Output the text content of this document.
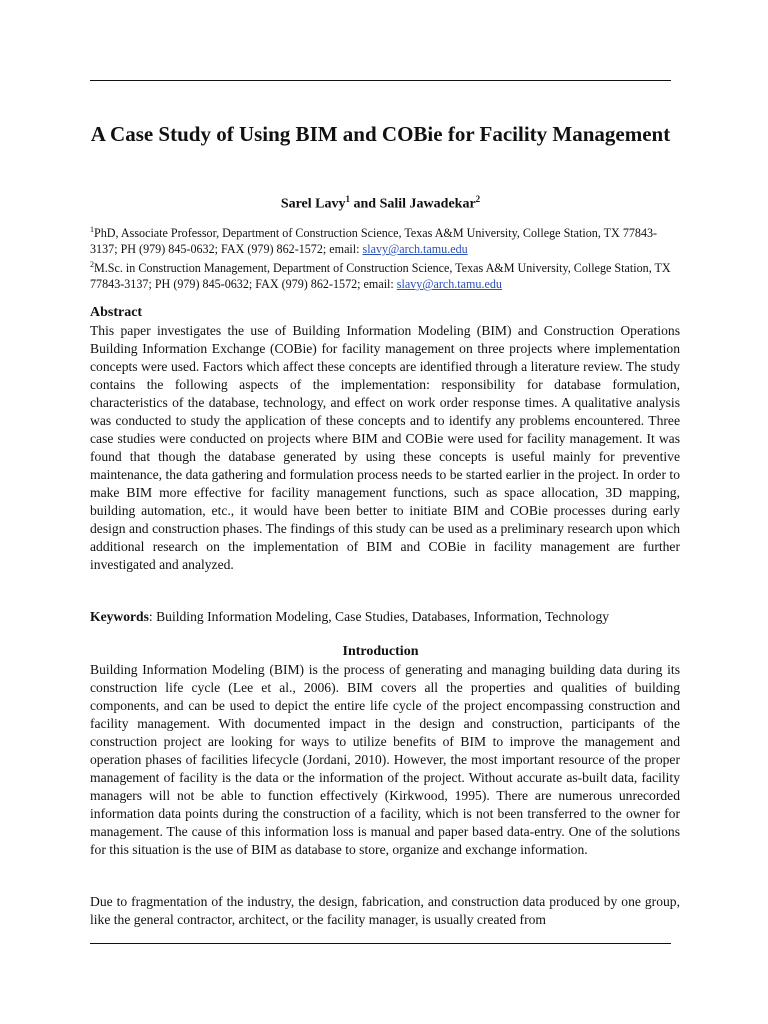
A Case Study of Using BIM and COBie for Facility Management
Sarel Lavy$^1$ and Salil Jawadekar$^2$

$^1$PhD, Associate Professor, Department of Construction Science, Texas A&M University, College Station, TX 77843-3137; PH (979) 845-0632; FAX (979) 862-1572; email: slavy@arch.tamu.edu

$^2$M.Sc. in Construction Management, Department of Construction Science, Texas A&M University, College Station, TX 77843-3137; PH (979) 845-0632; FAX (979) 862-1572; email: slavy@arch.tamu.edu

Abstract

This paper investigates the use of Building Information Modeling (BIM) and Construction Operations Building Information Exchange (COBie) for facility management on three projects where implementation concepts were used. Factors which affect these concepts are identified through a literature review. The study contains the following aspects of the implementation: responsibility for database formulation, characteristics of the database, technology, and effect on work order response times. A qualitative analysis was conducted to study the application of these concepts and to identify any problems encountered. Three case studies were conducted on projects where BIM and COBie were used for facility management. It was found that though the database generated by using these concepts is useful mainly for preventive maintenance, the data gathering and formulation process needs to be started earlier in the project. In order to make BIM more effective for facility management functions, such as space allocation, 3D mapping, building automation, etc., it would have been better to initiate BIM and COBie processes during early design and construction phases. The findings of this study can be used as a preliminary research upon which additional research on the implementation of BIM and COBie in facility management are further investigated and analyzed.

Keywords: Building Information Modeling, Case Studies, Databases, Information, Technology

Introduction

Building Information Modeling (BIM) is the process of generating and managing building data during its construction life cycle (Lee et al., 2006). BIM covers all the properties and qualities of building components, and can be used to depict the entire life cycle of the project encompassing construction and facility management. With documented impact in the design and construction, participants of the construction project are looking for ways to utilize benefits of BIM to improve the management and operation phases of facilities lifecycle (Jordani, 2010). However, the most important resource of the proper management of facility is the data or the information of the project. Without accurate as-built data, facility managers will not be able to function effectively (Kirkwood, 1995). There are numerous unrecorded information data points during the construction of a facility, which is not been transferred to the owner for management. The cause of this information loss is manual and paper based data-entry. One of the solutions for this situation is the use of BIM as database to store, organize and exchange information.

Due to fragmentation of the industry, the design, fabrication, and construction data produced by one group, like the general contractor, architect, or the facility manager, is usually created from
